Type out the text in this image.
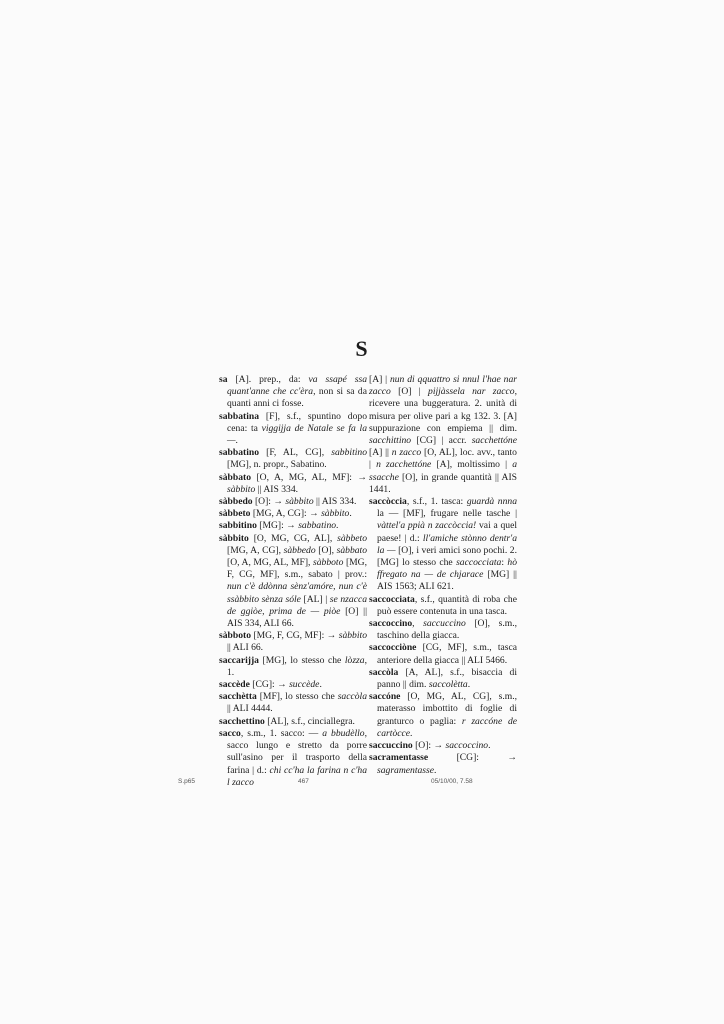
S

sa [A]. prep., da: va ssapé ssa quant'anne che cc'èra, non si sa da quanti anni ci fosse.

sabbatina [F], s.f., spuntino dopo cena: ta viggijja de Natale se fa la —.

sabbatino [F, AL, CG], sabbitino [MG], n. propr., Sabatino.

sàbbato [O, A, MG, AL, MF]: → sàbbito || AIS 334.

sàbbedo [O]: → sàbbito || AIS 334.

sàbbeto [MG, A, CG]: → sàbbito.

sabbitino [MG]: → sabbatino.

sàbbito [O, MG, CG, AL], sàbbeto [MG, A, CG], sàbbedo [O], sàbbato [O, A, MG, AL, MF], sàbboto [MG, F, CG, MF], s.m., sabato | prov.: nun c'è ddònna sènz'amóre, nun c'è ssàbbito sènza sóle [AL] | se nzacca de ggiòe, prima de — piòe [O] || AIS 334, ALI 66.

sàbboto [MG, F, CG, MF]: → sàbbito || ALI 66.

saccarijja [MG], lo stesso che lòzza, 1.

saccède [CG]: → succède.

sacchètta [MF], lo stesso che saccòla || ALI 4444.

sacchettino [AL], s.f., cinciallegra.

sacco, s.m., 1. sacco: — a bbudèllo, sacco lungo e stretto da porre sull'asino per il trasporto della farina | d.: chi cc'ha la farina n c'ha l zacco

[A] | nun di qquattro si nnul l'hae nar zacco [O] | pijjàssela nar zacco, ricevere una buggeratura. 2. unità di misura per olive pari a kg 132. 3. [A] suppurazione con empiema || dim. sacchittino [CG] | accr. sacchettóne [A] || n zacco [O, AL], loc. avv., tanto | n zacchettóne [A], moltissimo | a ssacche [O], in grande quantità || AIS 1441.

saccòccia, s.f., 1. tasca: guardà nnna la — [MF], frugare nelle tasche | vàttel'a ppià n zaccòccia! vai a quel paese! | d.: ll'amiche stònno dentr'a la — [O], i veri amici sono pochi. 2. [MG] lo stesso che saccocciata: hò ffregato na — de chjarace [MG] || AIS 1563; ALI 621.

saccocciata, s.f., quantità di roba che può essere contenuta in una tasca.

saccoccino, saccuccino [O], s.m., taschino della giacca.

saccocciòne [CG, MF], s.m., tasca anteriore della giacca || ALI 5466.

saccòla [A, AL], s.f., bisaccia di panno || dim. saccolètta.

saccóne [O, MG, AL, CG], s.m., materasso imbottito di foglie di granturco o paglia: r zaccóne de cartòcce.

saccuccino [O]: → saccoccino.

sacramentasse [CG]: → sagramentasse.

S.p65	467	05/10/00, 7.58
